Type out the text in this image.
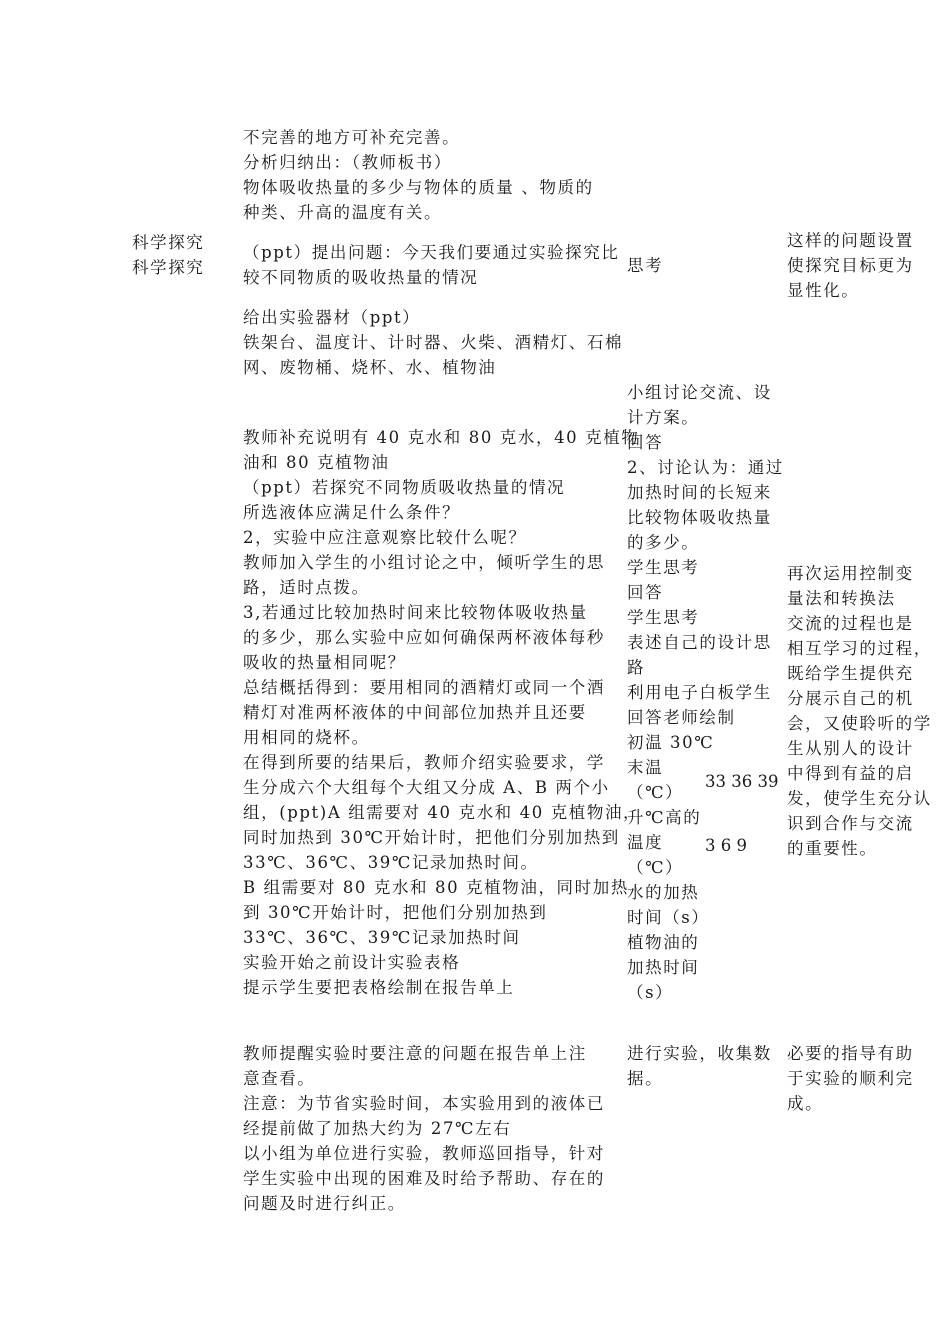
科学探究
科学探究
不完善的地方可补充完善。
分析归纳出：（教师板书）
物体吸收热量的多少与物体的质量 、物质的
种类、升高的温度有关。
（ppt）提出问题：今天我们要通过实验探究比
较不同物质的吸收热量的情况
给出实验器材（ppt）
铁架台、温度计、计时器、火柴、酒精灯、石棉
网、废物桶、烧杯、水、植物油
教师补充说明有 40 克水和 80 克水，40 克植物
油和 80 克植物油
（ppt）若探究不同物质吸收热量的情况
所选液体应满足什么条件？
2，实验中应注意观察比较什么呢？
教师加入学生的小组讨论之中，倾听学生的思
路，适时点拨。
3,若通过比较加热时间来比较物体吸收热量
的多少，那么实验中应如何确保两杯液体每秒
吸收的热量相同呢？
总结概括得到：要用相同的酒精灯或同一个酒
精灯对准两杯液体的中间部位加热并且还要
用相同的烧杯。
在得到所要的结果后，教师介绍实验要求，学
生分成六个大组每个大组又分成 A、B 两个小
组，(ppt)A 组需要对 40 克水和 40 克植物油，
同时加热到 30℃开始计时，把他们分别加热到
33℃、36℃、39℃记录加热时间。
B 组需要对 80 克水和 80 克植物油，同时加热
到 30℃开始计时，把他们分别加热到
33℃、36℃、39℃记录加热时间
实验开始之前设计实验表格
提示学生要把表格绘制在报告单上
教师提醒实验时要注意的问题在报告单上注
意查看。
注意：为节省实验时间，本实验用到的液体已
经提前做了加热大约为 27℃左右
以小组为单位进行实验，教师巡回指导，针对
学生实验中出现的困难及时给予帮助、存在的
问题及时进行纠正。
思考
小组讨论交流、设
计方案。
回答
2、讨论认为：通过
加热时间的长短来
比较物体吸收热量
的多少。
学生思考
回答
学生思考
表述自己的设计思
路
利用电子白板学生
回答老师绘制
初温 30℃
末温
（℃）
升℃高的
温度
（℃）
水的加热
时间（s）
植物油的
加热时间
（s）
进行实验，收集数
据。
33 36 39
3 6 9
这样的问题设置
使探究目标更为
显性化。
再次运用控制变
量法和转换法
交流的过程也是
相互学习的过程，
既给学生提供充
分展示自己的机
会，又使聆听的学
生从别人的设计
中得到有益的启
发，使学生充分认
识到合作与交流
的重要性。
必要的指导有助
于实验的顺利完
成。
